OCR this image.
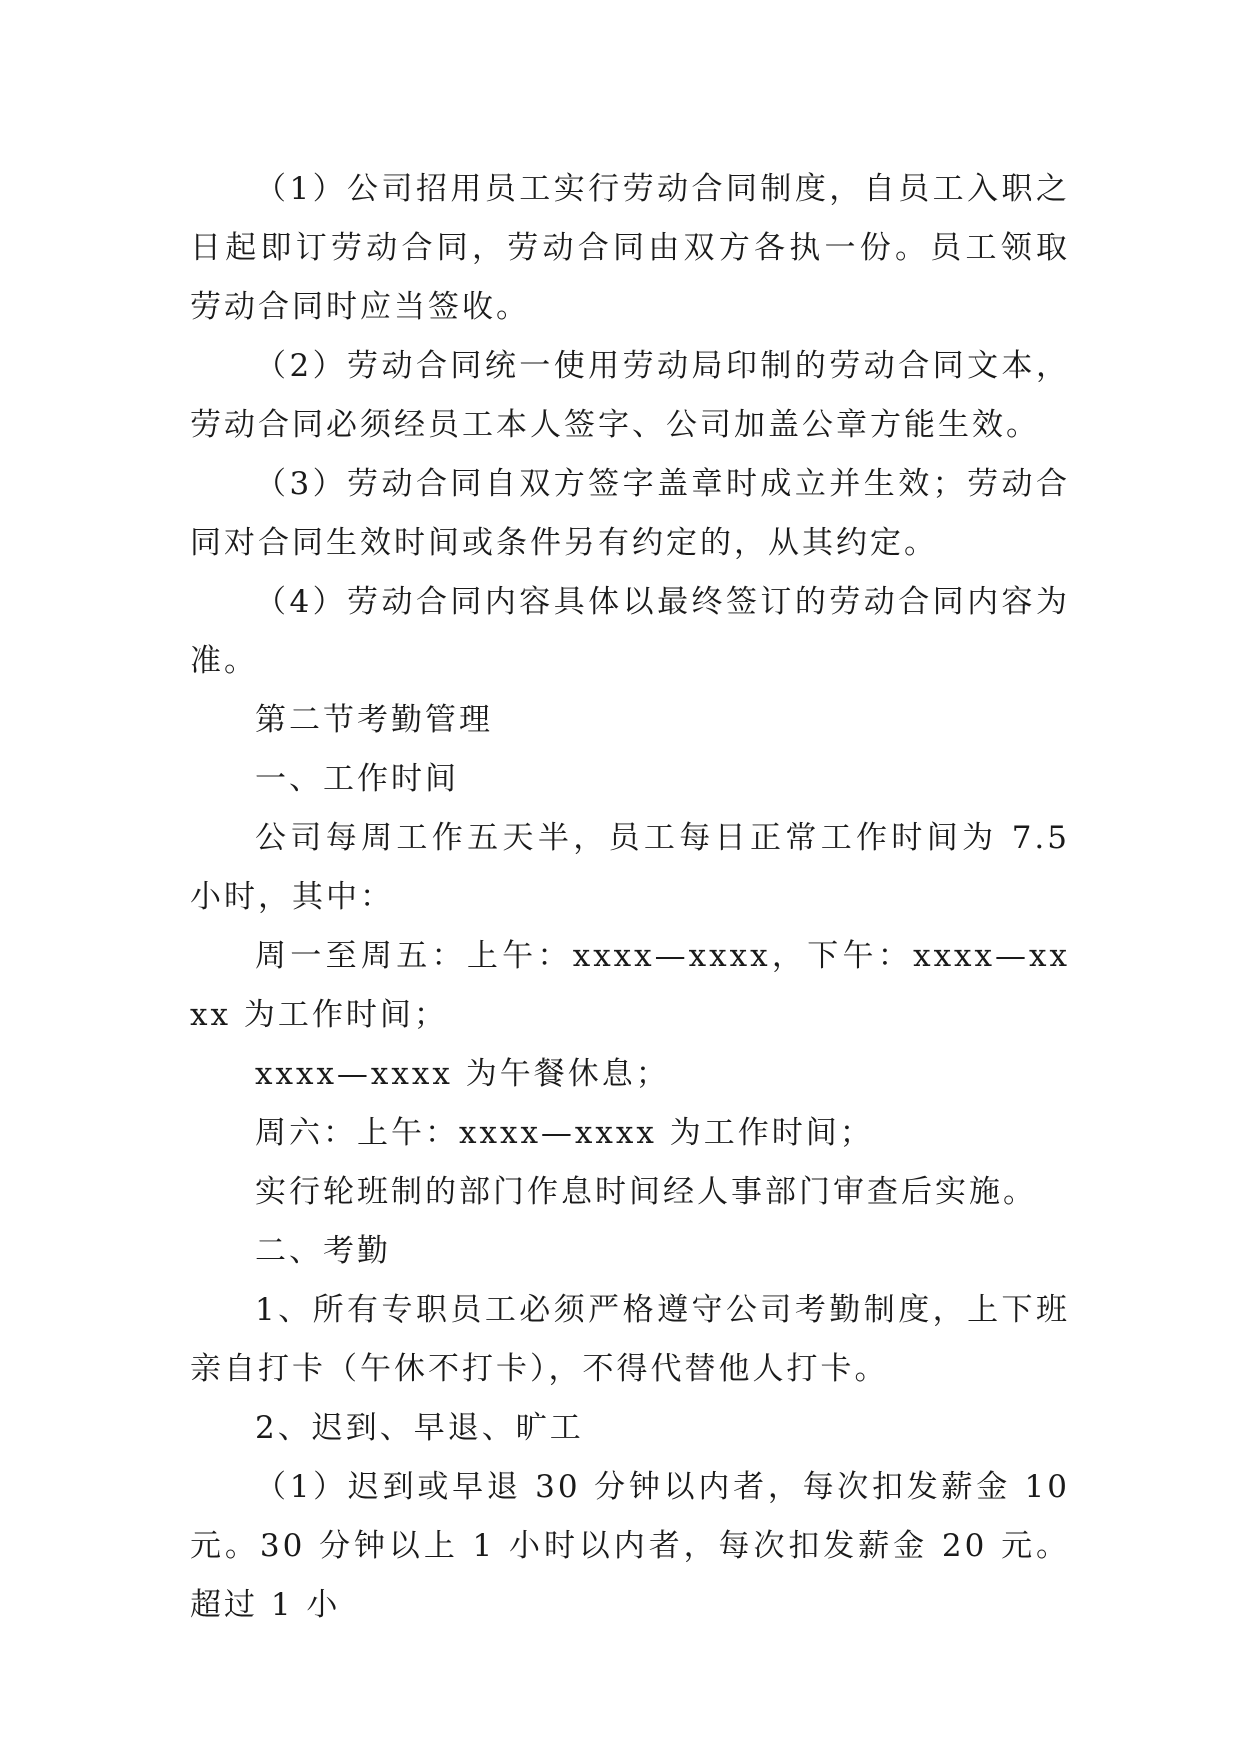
（1）公司招用员工实行劳动合同制度，自员工入职之日起即订劳动合同，劳动合同由双方各执一份。员工领取劳动合同时应当签收。

（2）劳动合同统一使用劳动局印制的劳动合同文本，劳动合同必须经员工本人签字、公司加盖公章方能生效。

（3）劳动合同自双方签字盖章时成立并生效；劳动合同对合同生效时间或条件另有约定的，从其约定。

（4）劳动合同内容具体以最终签订的劳动合同内容为准。

第二节考勤管理

一、工作时间

公司每周工作五天半，员工每日正常工作时间为 7.5 小时，其中：

周一至周五：上午：xxxx—xxxx，下午：xxxx—xxxx 为工作时间；

xxxx—xxxx 为午餐休息；

周六：上午：xxxx—xxxx 为工作时间；

实行轮班制的部门作息时间经人事部门审查后实施。

二、考勤

1、所有专职员工必须严格遵守公司考勤制度，上下班亲自打卡（午休不打卡），不得代替他人打卡。

2、迟到、早退、旷工

（1）迟到或早退 30 分钟以内者，每次扣发薪金 10 元。30 分钟以上 1 小时以内者，每次扣发薪金 20 元。超过 1 小
